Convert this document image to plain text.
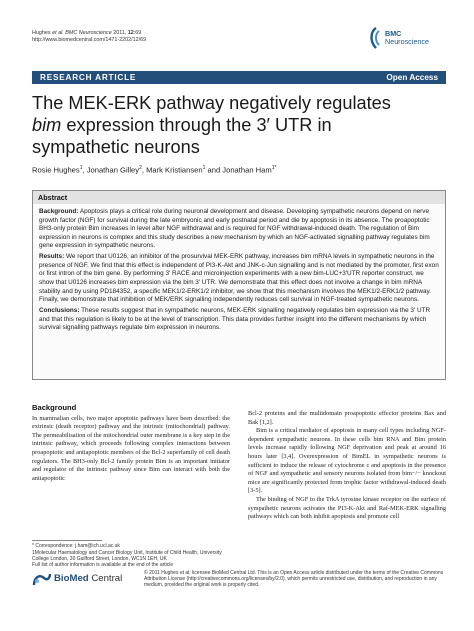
Hughes et al. BMC Neuroscience 2011, 12:69
http://www.biomedcentral.com/1471-2202/12/69
BMC
Neuroscience
RESEARCH ARTICLE	Open Access
The MEK-ERK pathway negatively regulates
bim expression through the 3′ UTR in
sympathetic neurons
Rosie Hughes$^1$, Jonathan Gilley$^2$, Mark Kristiansen$^1$ and Jonathan Ham$^{1*}$
Abstract

Background: Apoptosis plays a critical role during neuronal development and disease. Developing sympathetic neurons depend on nerve growth factor (NGF) for survival during the late embryonic and early postnatal period and die by apoptosis in its absence. The proapoptotic BH3-only protein Bim increases in level after NGF withdrawal and is required for NGF withdrawal-induced death. The regulation of Bim expression in neurons is complex and this study describes a new mechanism by which an NGF-activated signalling pathway regulates bim gene expression in sympathetic neurons.

Results: We report that U0126, an inhibitor of the prosurvival MEK-ERK pathway, increases bim mRNA levels in sympathetic neurons in the presence of NGF. We find that this effect is independent of PI3-K-Akt and JNK-c-Jun signalling and is not mediated by the promoter, first exon or first intron of the bim gene. By performing 3′ RACE and microinjection experiments with a new bim-LUC+3′UTR reporter construct, we show that U0126 increases bim expression via the bim 3′ UTR. We demonstrate that this effect does not involve a change in bim mRNA stability and by using PD184352, a specific MEK1/2-ERK1/2 inhibitor, we show that this mechanism involves the MEK1/2-ERK1/2 pathway. Finally, we demonstrate that inhibition of MEK/ERK signalling independently reduces cell survival in NGF-treated sympathetic neurons.

Conclusions: These results suggest that in sympathetic neurons, MEK-ERK signalling negatively regulates bim expression via the 3′ UTR and that this regulation is likely to be at the level of transcription. This data provides further insight into the different mechanisms by which survival signalling pathways regulate bim expression in neurons.

Background

In mammalian cells, two major apoptotic pathways have been described: the extrinsic (death receptor) pathway and the intrinsic (mitochondrial) pathway. The permeabilisation of the mitochondrial outer membrane is a key step in the intrinsic pathway, which proceeds following complex interactions between proapoptotic and antiapoptotic members of the Bcl-2 superfamily of cell death regulators. The BH3-only Bcl-2 family protein Bim is an important initiator and regulator of the intrinsic pathway since Bim can interact with both the antiapoptotic

Bcl-2 proteins and the multidomain proapoptotic effector proteins Bax and Bak [1,2].

Bim is a critical mediator of apoptosis in many cell types including NGF-dependent sympathetic neurons. In these cells bim RNA and Bim protein levels increase rapidly following NGF deprivation and peak at around 16 hours later [3,4]. Overexpression of BimEL in sympathetic neurons is sufficient to induce the release of cytochrome c and apoptosis in the presence of NGF and sympathetic and sensory neurons isolated from bim−/− knockout mice are significantly protected from trophic factor withdrawal-induced death [3-5].

The binding of NGF to the TrkA tyrosine kinase receptor on the surface of sympathetic neurons activates the PI3-K-Akt and Raf-MEK-ERK signalling pathways which can both inhibit apoptosis and promote cell

* Correspondence: j.ham@ich.ucl.ac.uk
1Molecular Haematology and Cancer Biology Unit, Institute of Child Health, University College London, 30 Guilford Street, London, WC1N 1EH, UK
Full list of author information is available at the end of the article
BioMed Central	© 2011 Hughes et al; licensee BioMed Central Ltd. This is an Open Access article distributed under the terms of the Creative Commons Attribution License (http://creativecommons.org/licenses/by/2.0), which permits unrestricted use, distribution, and reproduction in any medium, provided the original work is properly cited.
